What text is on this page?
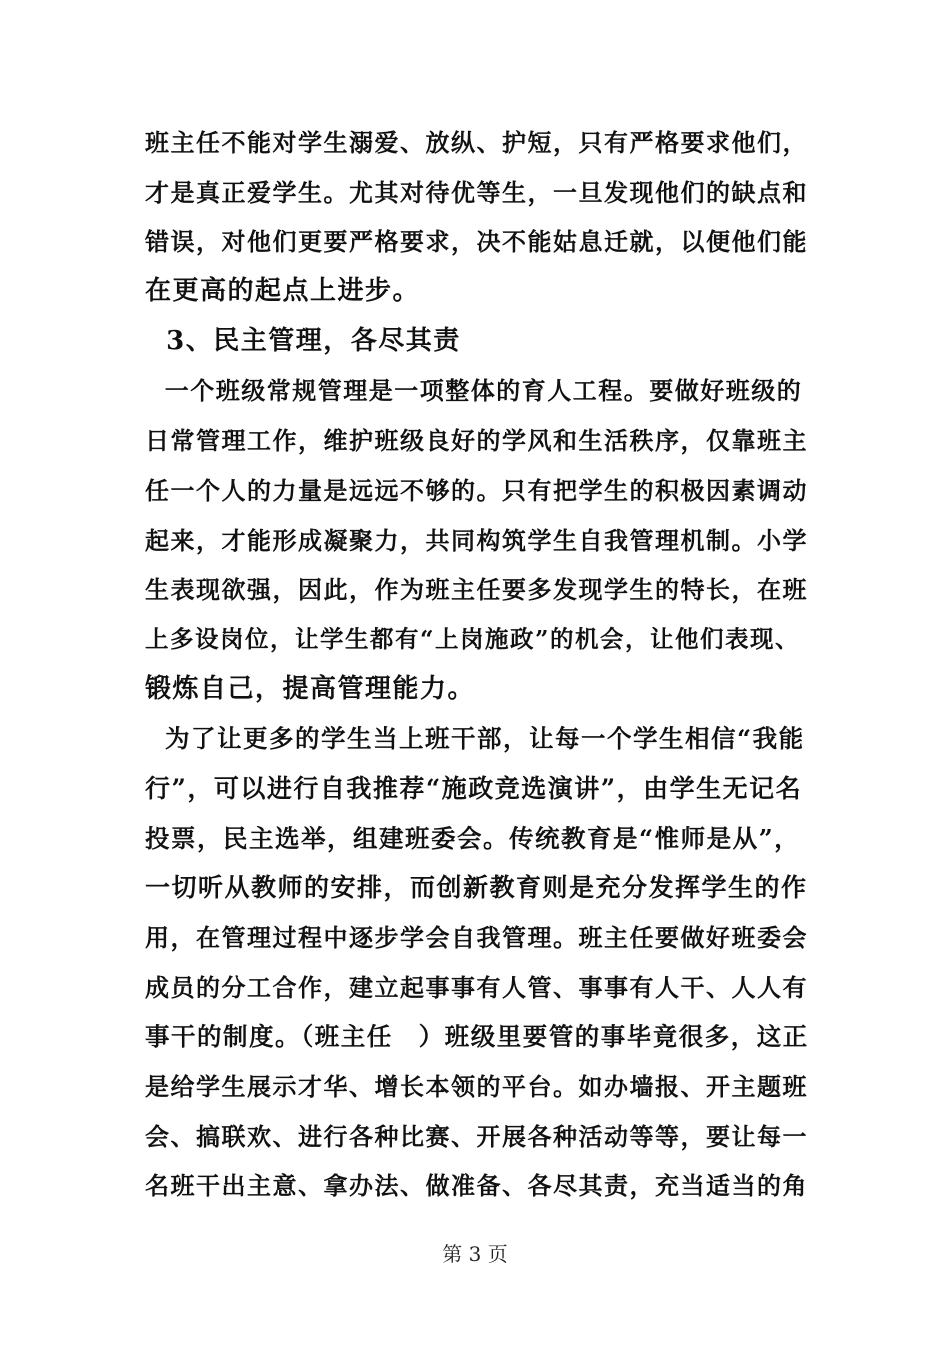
班主任不能对学生溺爱、放纵、护短，只有严格要求他们，
才是真正爱学生。尤其对待优等生，一旦发现他们的缺点和
错误，对他们更要严格要求，决不能姑息迁就，以便他们能
在更高的起点上进步。
3、民主管理，各尽其责
一个班级常规管理是一项整体的育人工程。要做好班级的
日常管理工作，维护班级良好的学风和生活秩序，仅靠班主
任一个人的力量是远远不够的。只有把学生的积极因素调动
起来，才能形成凝聚力，共同构筑学生自我管理机制。小学
生表现欲强，因此，作为班主任要多发现学生的特长，在班
上多设岗位，让学生都有“上岗施政”的机会，让他们表现、
锻炼自己，提高管理能力。
为了让更多的学生当上班干部，让每一个学生相信“我能
行”，可以进行自我推荐“施政竞选演讲”，由学生无记名
投票，民主选举，组建班委会。传统教育是“惟师是从”，
一切听从教师的安排，而创新教育则是充分发挥学生的作
用，在管理过程中逐步学会自我管理。班主任要做好班委会
成员的分工合作，建立起事事有人管、事事有人干、人人有
事干的制度。（班主任　）班级里要管的事毕竟很多，这正
是给学生展示才华、增长本领的平台。如办墙报、开主题班
会、搞联欢、进行各种比赛、开展各种活动等等，要让每一
名班干出主意、拿办法、做准备、各尽其责，充当适当的角
第 3 页
